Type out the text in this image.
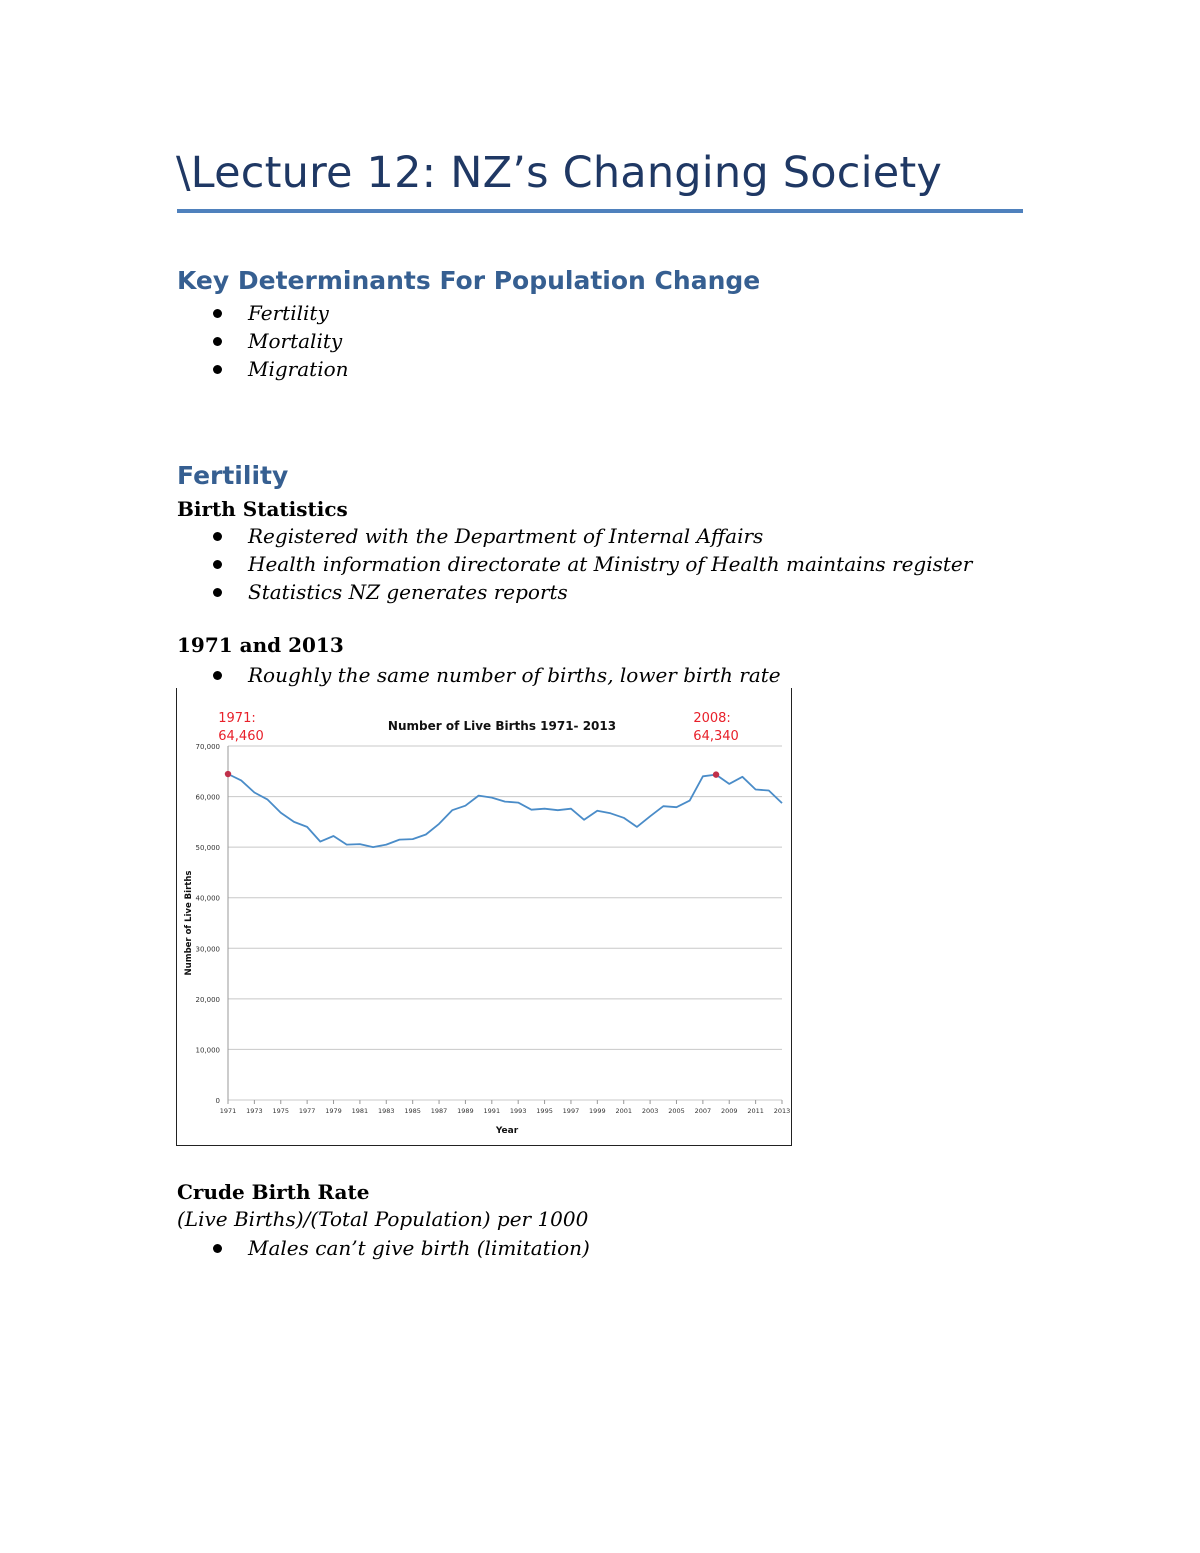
\Lecture 12: NZ’s Changing Society
Key Determinants For Population Change
Fertility
Mortality
Migration
Fertility
Birth Statistics
Registered with the Department of Internal Affairs
Health information directorate at Ministry of Health maintains register
Statistics NZ generates reports
1971 and 2013
Roughly the same number of births, lower birth rate
0
10,000
20,000
30,000
40,000
50,000
60,000
70,000
1971 1973 1975 1977 1979 1981 1983 1985 1987 1989 1991 1993 1995 1997 1999 2001 2003 2005 2007 2009 2011 2013
Number of Live Births 1971- 2013
Year
Number of Live Births
1971:
64,460
2008:
64,340
Crude Birth Rate

(Live Births)/(Total Population) per 1000

Males can’t give birth (limitation)
